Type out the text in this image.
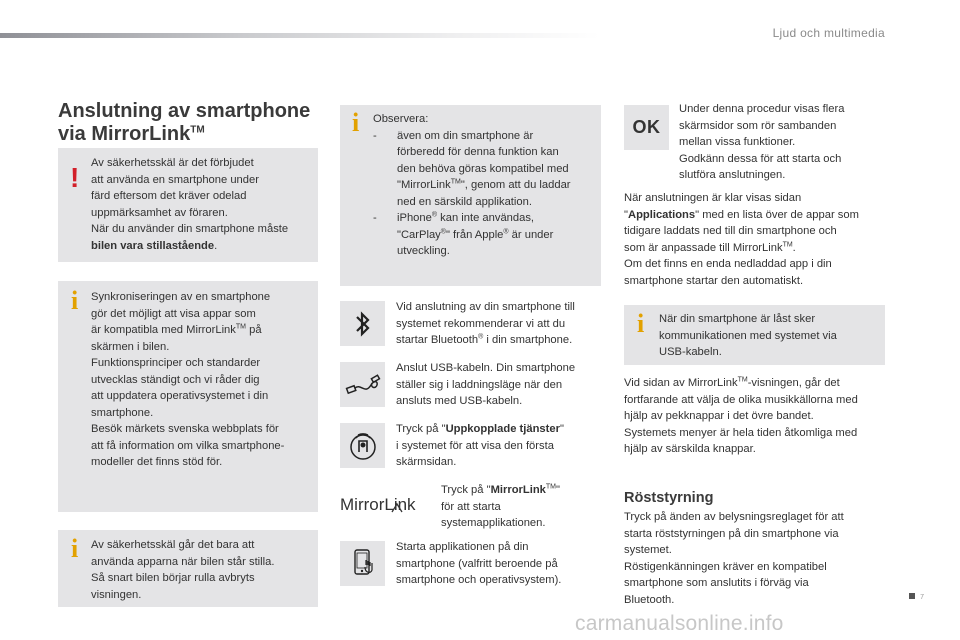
Ljud och multimedia
Anslutning av smartphone
via MirrorLink™
! Av säkerhetsskäl är det förbjudet
att använda en smartphone under
färd eftersom det kräver odelad
uppmärksamhet av föraren.
När du använder din smartphone måste
bilen vara stillastående.
i Synkroniseringen av en smartphone
gör det möjligt att visa appar som
är kompatibla med MirrorLink™ på
skärmen i bilen.
Funktionsprinciper och standarder
utvecklas ständigt och vi råder dig
att uppdatera operativsystemet i din
smartphone.
Besök märkets svenska webbplats för
att få information om vilka smartphone-
modeller det finns stöd för.
i Av säkerhetsskäl går det bara att
använda apparna när bilen står stilla.
Så snart bilen börjar rulla avbryts
visningen.
i Observera:
-	även om din smartphone är
förberedd för denna funktion kan
den behöva göras kompatibel med
"MirrorLink™", genom att du laddar
ned en särskild applikation.
-	iPhone® kan inte användas,
"CarPlay®" från Apple® är under
utveckling.
Vid anslutning av din smartphone till
systemet rekommenderar vi att du
startar Bluetooth® i din smartphone.
Anslut USB-kabeln. Din smartphone
ställer sig i laddningsläge när den
ansluts med USB-kabeln.
Tryck på "Uppkopplade tjänster"
i systemet för att visa den första
skärmsidan.
MirrorLink
Tryck på "MirrorLink™"
för att starta
systemapplikationen.
Starta applikationen på din
smartphone (valfritt beroende på
smartphone och operativsystem).
OK
Under denna procedur visas flera
skärmsidor som rör sambanden
mellan vissa funktioner.
Godkänn dessa för att starta och
slutföra anslutningen.
När anslutningen är klar visas sidan
"Applications" med en lista över de appar som
tidigare laddats ned till din smartphone och
som är anpassade till MirrorLink™.
Om det finns en enda nedladdad app i din
smartphone startar den automatiskt.
i När din smartphone är låst sker
kommunikationen med systemet via
USB-kabeln.
Vid sidan av MirrorLink™-visningen, går det
fortfarande att välja de olika musikkällorna med
hjälp av pekknappar i det övre bandet.
Systemets menyer är hela tiden åtkomliga med
hjälp av särskilda knappar.
Röststyrning
Tryck på änden av belysningsreglaget för att
starta röststyrningen på din smartphone via
systemet.
Röstigenkänningen kräver en kompatibel
smartphone som anslutits i förväg via
Bluetooth.	7
carmanualsonline.info
